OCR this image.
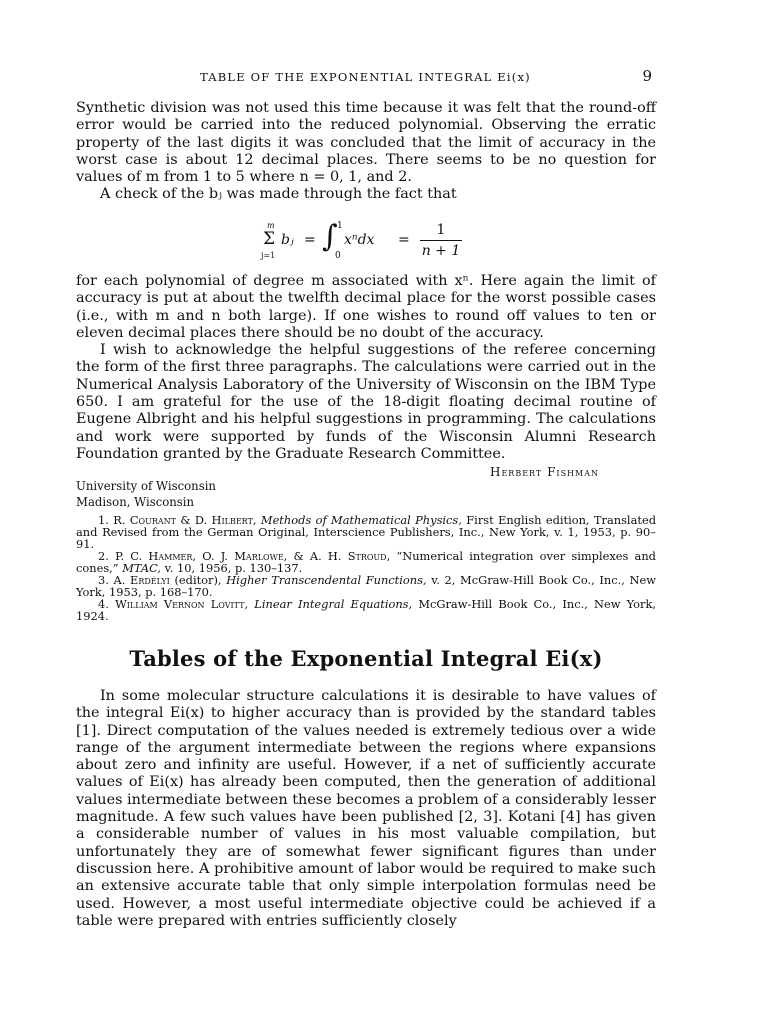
TABLE OF THE EXPONENTIAL INTEGRAL Ei(x)	9

Synthetic division was not used this time because it was felt that the round-off error would be carried into the reduced polynomial. Observing the erratic property of the last digits it was concluded that the limit of accuracy in the worst case is about 12 decimal places. There seems to be no question for values of m from 1 to 5 where n = 0, 1, and 2.

A check of the bⱼ was made through the fact that

m
Σ
j=1
bⱼ = ∫ 1
0
xⁿdx =
1
n + 1

for each polynomial of degree m associated with xⁿ. Here again the limit of accuracy is put at about the twelfth decimal place for the worst possible cases (i.e., with m and n both large). If one wishes to round off values to ten or eleven decimal places there should be no doubt of the accuracy.

I wish to acknowledge the helpful suggestions of the referee concerning the form of the first three paragraphs. The calculations were carried out in the Numerical Analysis Laboratory of the University of Wisconsin on the IBM Type 650. I am grateful for the use of the 18-digit floating decimal routine of Eugene Albright and his helpful suggestions in programming. The calculations and work were supported by funds of the Wisconsin Alumni Research Foundation granted by the Graduate Research Committee.

Herbert Fishman
University of Wisconsin
Madison, Wisconsin

1. R. Courant & D. Hilbert, Methods of Mathematical Physics, First English edition, Translated and Revised from the German Original, Interscience Publishers, Inc., New York, v. 1, 1953, p. 90–91.

2. P. C. Hammer, O. J. Marlowe, & A. H. Stroud, “Numerical integration over simplexes and cones,” MTAC, v. 10, 1956, p. 130–137.

3. A. Erdélyi (editor), Higher Transcendental Functions, v. 2, McGraw-Hill Book Co., Inc., New York, 1953, p. 168–170.

4. William Vernon Lovitt, Linear Integral Equations, McGraw-Hill Book Co., Inc., New York, 1924.

Tables of the Exponential Integral Ei(x)

In some molecular structure calculations it is desirable to have values of the integral Ei(x) to higher accuracy than is provided by the standard tables [1]. Direct computation of the values needed is extremely tedious over a wide range of the argument intermediate between the regions where expansions about zero and infinity are useful. However, if a net of sufficiently accurate values of Ei(x) has already been computed, then the generation of additional values intermediate between these becomes a problem of a considerably lesser magnitude. A few such values have been published [2, 3]. Kotani [4] has given a considerable number of values in his most valuable compilation, but unfortunately they are of somewhat fewer significant figures than under discussion here. A prohibitive amount of labor would be required to make such an extensive accurate table that only simple interpolation formulas need be used. However, a most useful intermediate objective could be achieved if a table were prepared with entries sufficiently closely
